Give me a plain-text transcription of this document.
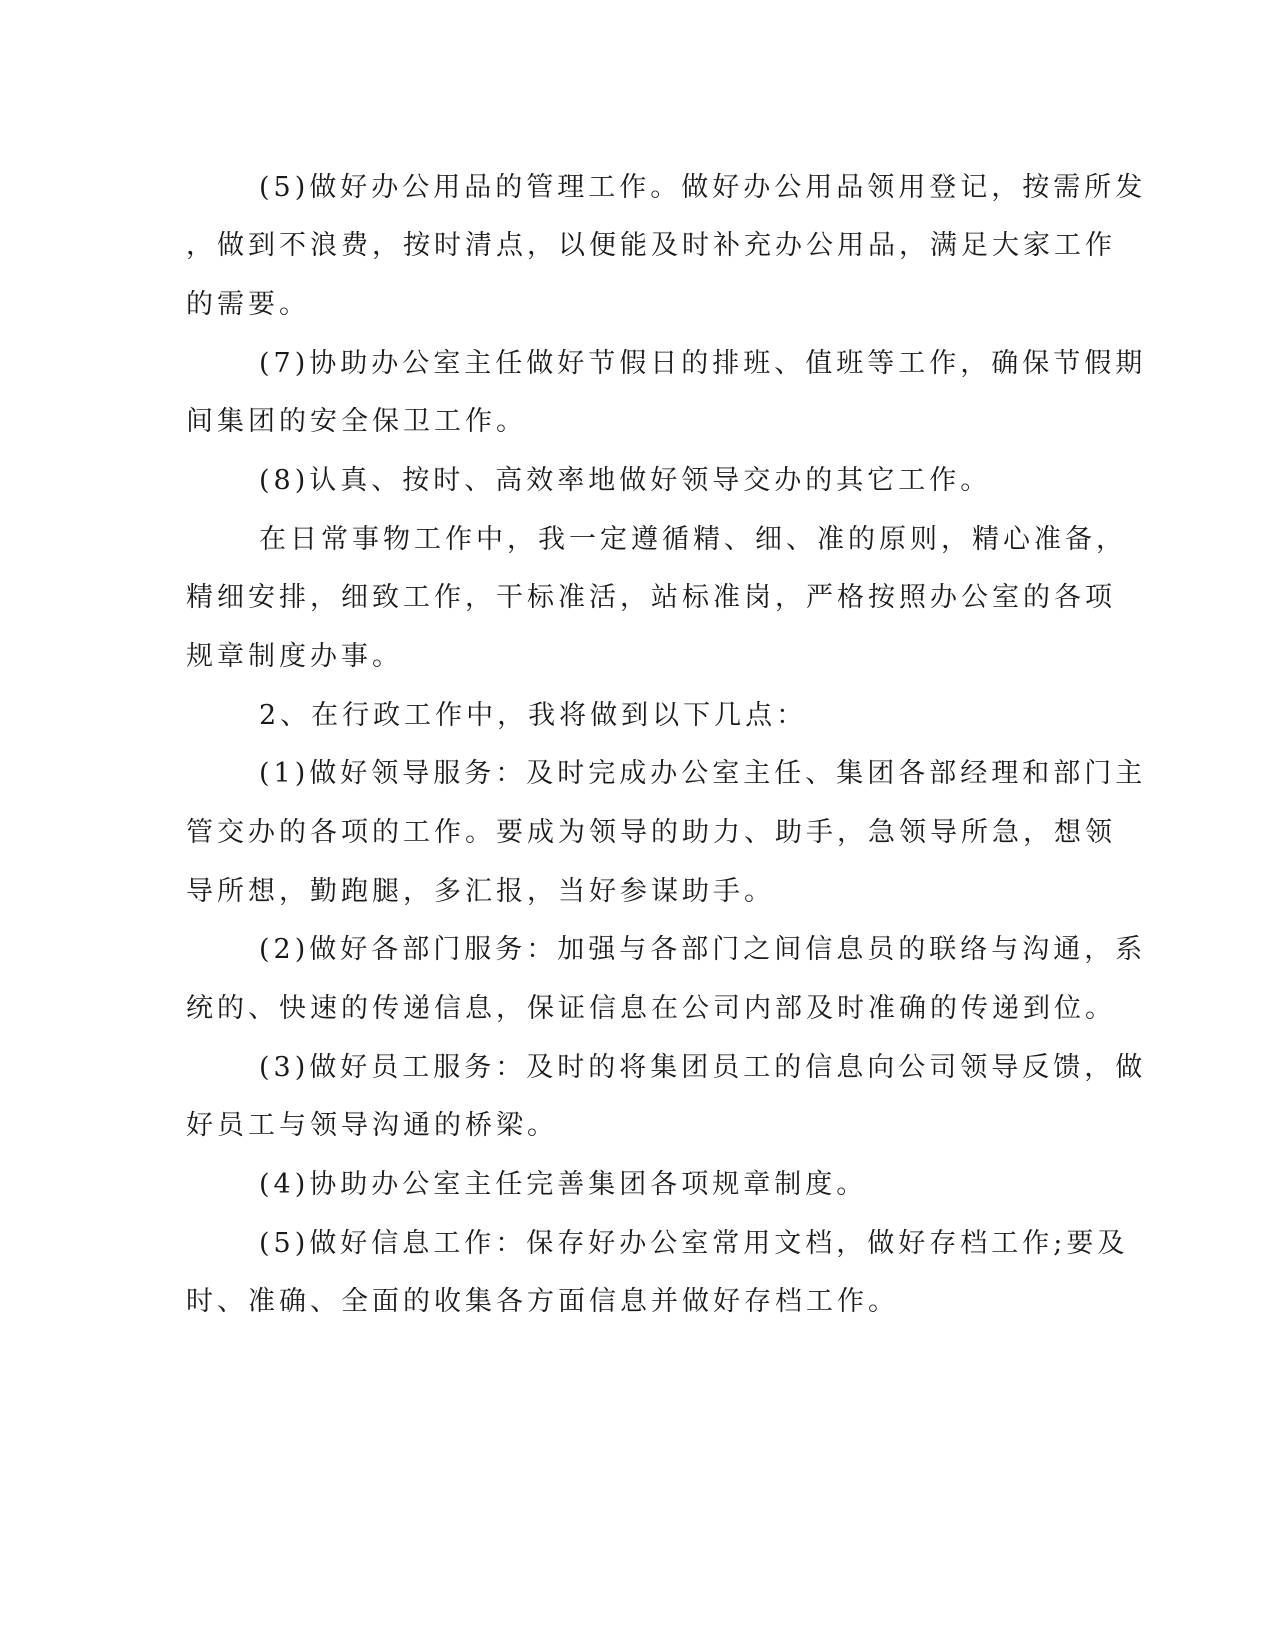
(5)做好办公用品的管理工作。做好办公用品领用登记，按需所发
，做到不浪费，按时清点，以便能及时补充办公用品，满足大家工作
的需要。
(7)协助办公室主任做好节假日的排班、值班等工作，确保节假期
间集团的安全保卫工作。
(8)认真、按时、高效率地做好领导交办的其它工作。
在日常事物工作中，我一定遵循精、细、准的原则，精心准备，
精细安排，细致工作，干标准活，站标准岗，严格按照办公室的各项
规章制度办事。
2、在行政工作中，我将做到以下几点：
(1)做好领导服务：及时完成办公室主任、集团各部经理和部门主
管交办的各项的工作。要成为领导的助力、助手，急领导所急，想领
导所想，勤跑腿，多汇报，当好参谋助手。
(2)做好各部门服务：加强与各部门之间信息员的联络与沟通，系
统的、快速的传递信息，保证信息在公司内部及时准确的传递到位。
(3)做好员工服务：及时的将集团员工的信息向公司领导反馈，做
好员工与领导沟通的桥梁。
(4)协助办公室主任完善集团各项规章制度。
(5)做好信息工作：保存好办公室常用文档，做好存档工作;要及
时、准确、全面的收集各方面信息并做好存档工作。
